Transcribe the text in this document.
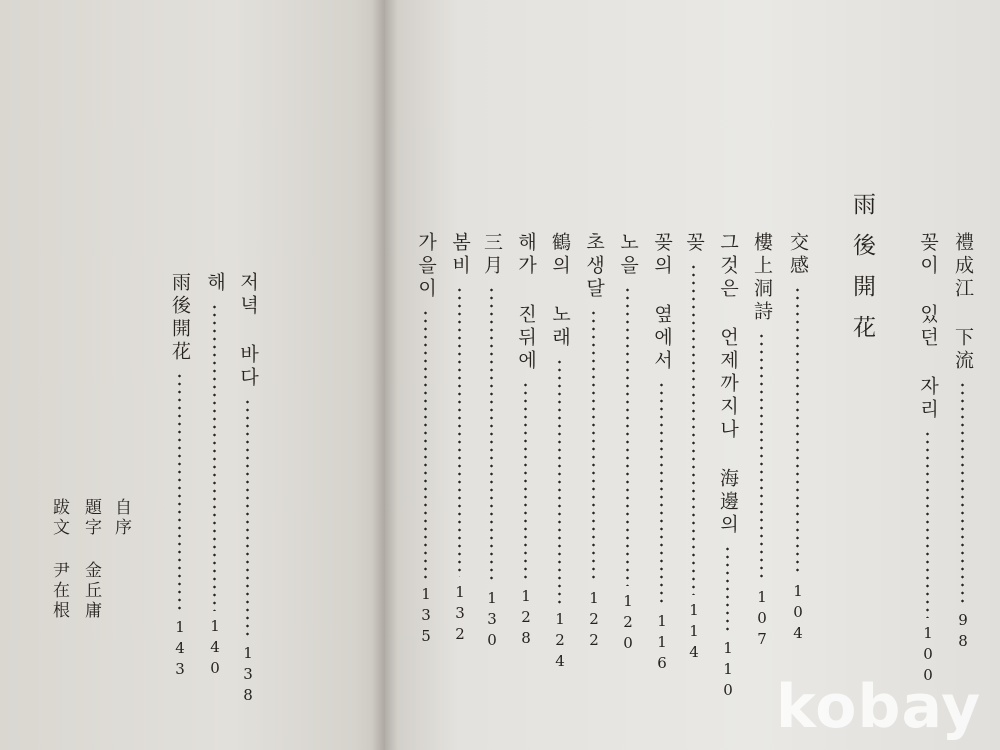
禮成江 下流
98
꽂이 있던 자리
100
雨後開花
交感
104
樓上洞詩
107
그것은 언제까지나 海邊의
110
꽂
114
꽂의 옆에서
116
노을
120
초생달
122
鶴의 노래
124
해가 진뒤에
128
三月
130
봄비
132
가을이
135
저녁 바다
138
해
140
雨後開花
143
自序
題字 金丘庸
跋文 尹在根
kobay
